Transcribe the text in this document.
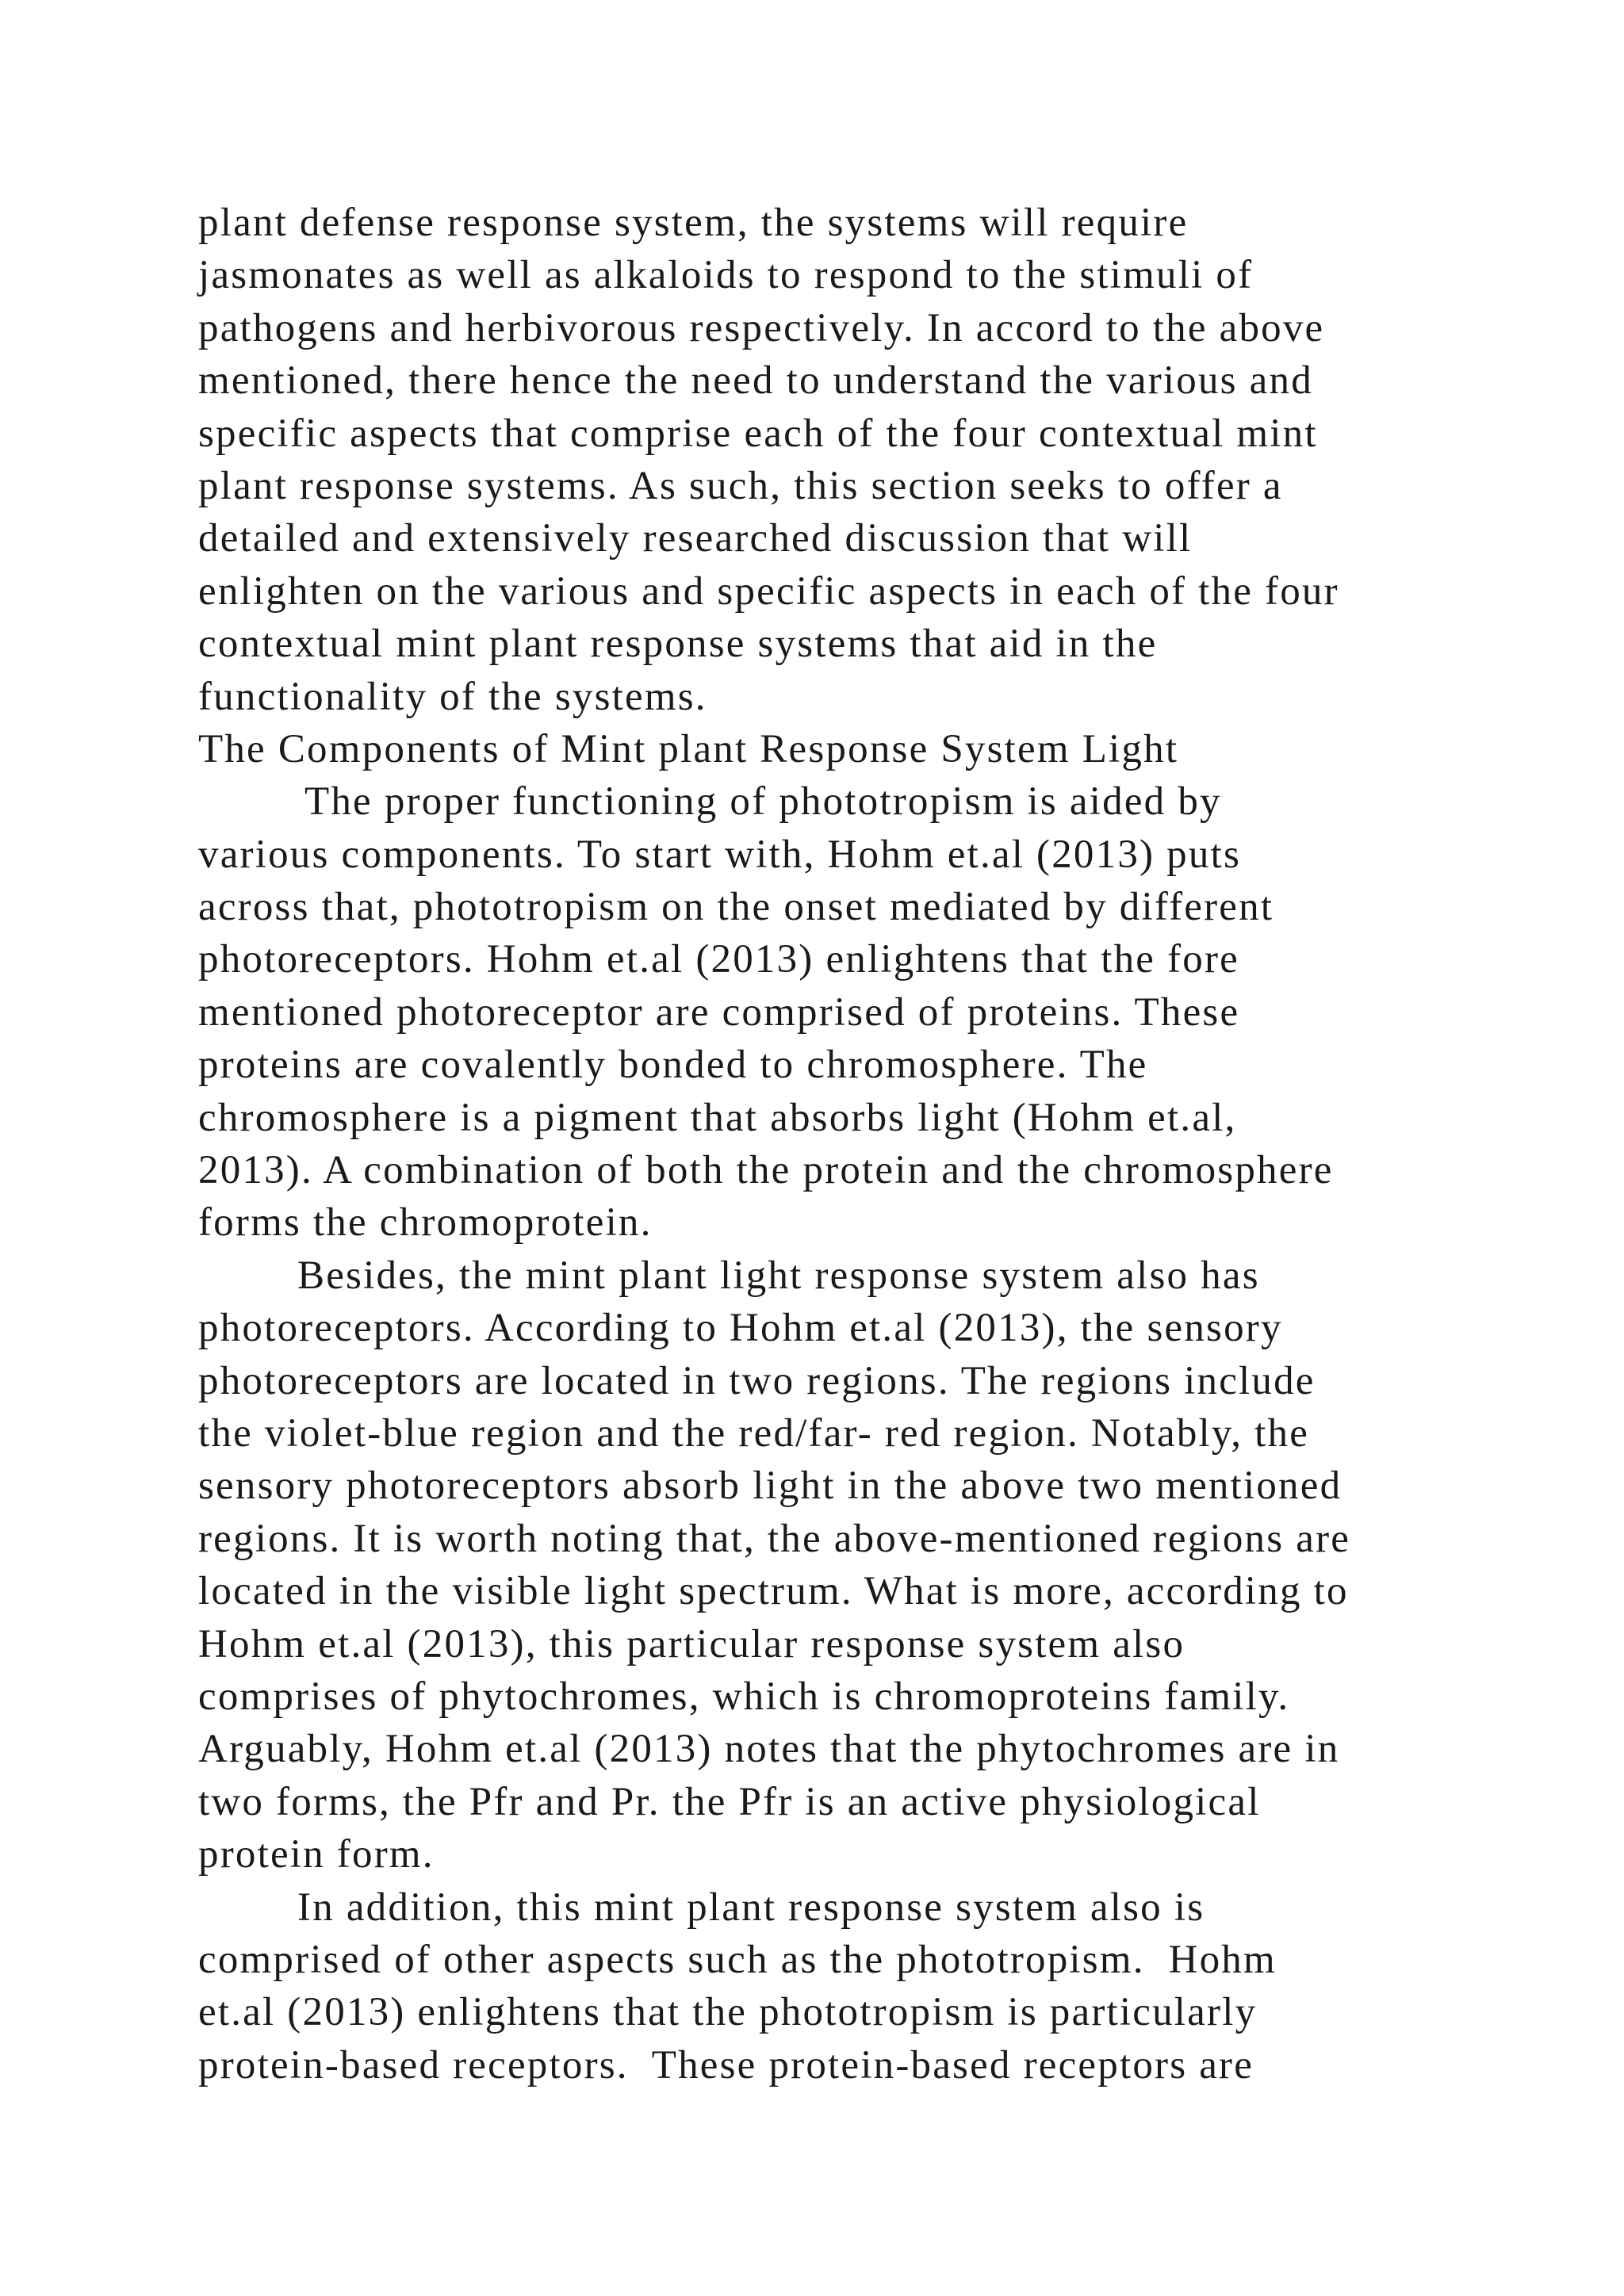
plant defense response system, the systems will require
jasmonates as well as alkaloids to respond to the stimuli of
pathogens and herbivorous respectively. In accord to the above
mentioned, there hence the need to understand the various and
specific aspects that comprise each of the four contextual mint
plant response systems. As such, this section seeks to offer a
detailed and extensively researched discussion that will
enlighten on the various and specific aspects in each of the four
contextual mint plant response systems that aid in the
functionality of the systems.
The Components of Mint plant Response System Light
The proper functioning of phototropism is aided by
various components. To start with, Hohm et.al (2013) puts
across that, phototropism on the onset mediated by different
photoreceptors. Hohm et.al (2013) enlightens that the fore
mentioned photoreceptor are comprised of proteins. These
proteins are covalently bonded to chromosphere. The
chromosphere is a pigment that absorbs light (Hohm et.al,
2013). A combination of both the protein and the chromosphere
forms the chromoprotein.
Besides, the mint plant light response system also has
photoreceptors. According to Hohm et.al (2013), the sensory
photoreceptors are located in two regions. The regions include
the violet-blue region and the red/far- red region. Notably, the
sensory photoreceptors absorb light in the above two mentioned
regions. It is worth noting that, the above-mentioned regions are
located in the visible light spectrum. What is more, according to
Hohm et.al (2013), this particular response system also
comprises of phytochromes, which is chromoproteins family.
Arguably, Hohm et.al (2013) notes that the phytochromes are in
two forms, the Pfr and Pr. the Pfr is an active physiological
protein form.
In addition, this mint plant response system also is
comprised of other aspects such as the phototropism.  Hohm
et.al (2013) enlightens that the phototropism is particularly
protein-based receptors.  These protein-based receptors are
